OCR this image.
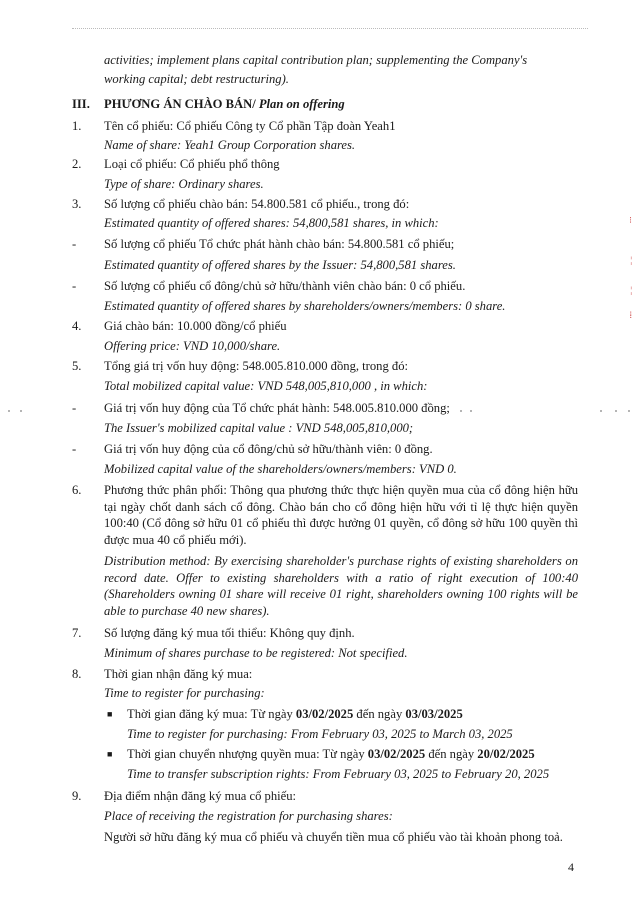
activities; implement plans capital contribution plan; supplementing the Company's
working capital; debt restructuring).
III.	PHƯƠNG ÁN CHÀO BÁN/ Plan on offering
1.	Tên cổ phiếu: Cổ phiếu Công ty Cổ phần Tập đoàn Yeah1
Name of share: Yeah1 Group Corporation shares.
2.	Loại cổ phiếu: Cổ phiếu phổ thông
Type of share: Ordinary shares.
3.	Số lượng cổ phiếu chào bán: 54.800.581 cổ phiếu., trong đó:
Estimated quantity of offered shares: 54,800,581 shares, in which:
-	Số lượng cổ phiếu Tổ chức phát hành chào bán: 54.800.581 cổ phiếu;
Estimated quantity of offered shares by the Issuer: 54,800,581 shares.
-	Số lượng cổ phiếu cổ đông/chủ sở hữu/thành viên chào bán: 0 cổ phiếu.
Estimated quantity of offered shares by shareholders/owners/members: 0 share.
4.	Giá chào bán: 10.000 đồng/cổ phiếu
Offering price: VND 10,000/share.
5.	Tổng giá trị vốn huy động: 548.005.810.000 đồng, trong đó:
Total mobilized capital value: VND 548,005,810,000 , in which:
-	Giá trị vốn huy động của Tổ chức phát hành: 548.005.810.000 đồng;
The Issuer's mobilized capital value : VND 548,005,810,000;
-	Giá trị vốn huy động của cổ đông/chủ sở hữu/thành viên: 0 đồng.
Mobilized capital value of the shareholders/owners/members: VND 0.
6.	Phương thức phân phối: Thông qua phương thức thực hiện quyền mua của cổ đông hiện hữu tại ngày chốt danh sách cổ đông. Chào bán cho cổ đông hiện hữu với tỉ lệ thực hiện quyền 100:40 (Cổ đông sở hữu 01 cổ phiếu thì được hưởng 01 quyền, cổ đông sở hữu 100 quyền thì được mua 40 cổ phiếu mới).
Distribution method: By exercising shareholder's purchase rights of existing shareholders on record date. Offer to existing shareholders with a ratio of right execution of 100:40 (Shareholders owning 01 share will receive 01 right, shareholders owning 100 rights will be able to purchase 40 new shares).
7.	Số lượng đăng ký mua tối thiểu: Không quy định.
Minimum of shares purchase to be registered: Not specified.
8.	Thời gian nhận đăng ký mua:
Time to register for purchasing:
■	Thời gian đăng ký mua: Từ ngày 03/02/2025 đến ngày 03/03/2025
Time to register for purchasing: From February 03, 2025 to March 03, 2025
■	Thời gian chuyển nhượng quyền mua: Từ ngày 03/02/2025 đến ngày 20/02/2025
Time to transfer subscription rights: From February 03, 2025 to February 20, 2025
9.	Địa điểm nhận đăng ký mua cổ phiếu:
Place of receiving the registration for purchasing shares:
Người sở hữu đăng ký mua cổ phiếu và chuyển tiền mua cổ phiếu vào tài khoản phong toả.
4
⁝
¦
¦
⁞
